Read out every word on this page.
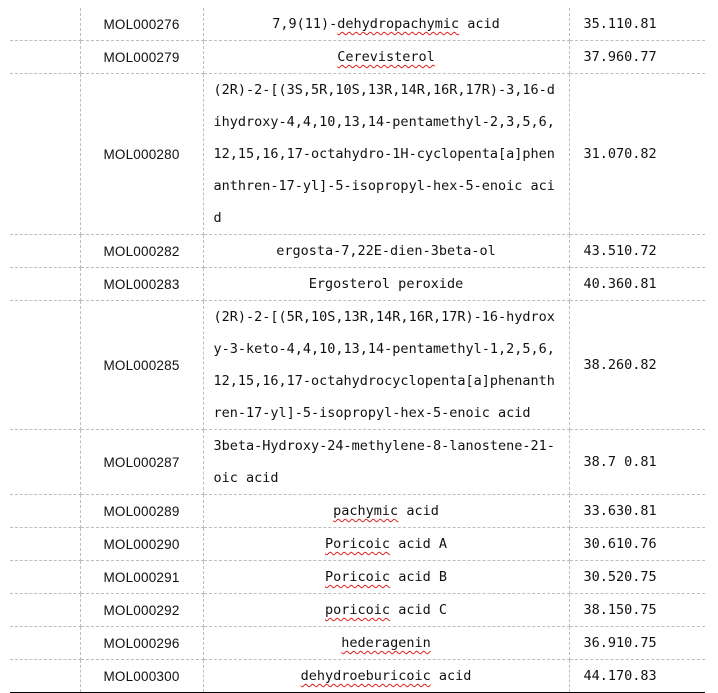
	MOL000276	7,9(11)-dehydropachymic acid	35.110.81
	MOL000279	Cerevisterol	37.960.77
	MOL000280	(2R)-2-[(3S,5R,10S,13R,14R,16R,17R)-3,16-dihydroxy-4,4,10,13,14-pentamethyl-2,3,5,6,12,15,16,17-octahydro-1H-cyclopenta[a]phenanthren-17-yl]-5-isopropyl-hex-5-enoic acid	31.070.82
	MOL000282	ergosta-7,22E-dien-3beta-ol	43.510.72
	MOL000283	Ergosterol peroxide	40.360.81
	MOL000285	(2R)-2-[(5R,10S,13R,14R,16R,17R)-16-hydroxy-3-keto-4,4,10,13,14-pentamethyl-1,2,5,6,12,15,16,17-octahydrocyclopenta[a]phenanthren-17-yl]-5-isopropyl-hex-5-enoic acid	38.260.82
	MOL000287	3beta-Hydroxy-24-methylene-8-lanostene-21-oic acid	38.7 0.81
	MOL000289	pachymic acid	33.630.81
	MOL000290	Poricoic acid A	30.610.76
	MOL000291	Poricoic acid B	30.520.75
	MOL000292	poricoic acid C	38.150.75
	MOL000296	hederagenin	36.910.75
	MOL000300	dehydroeburicoic acid	44.170.83
